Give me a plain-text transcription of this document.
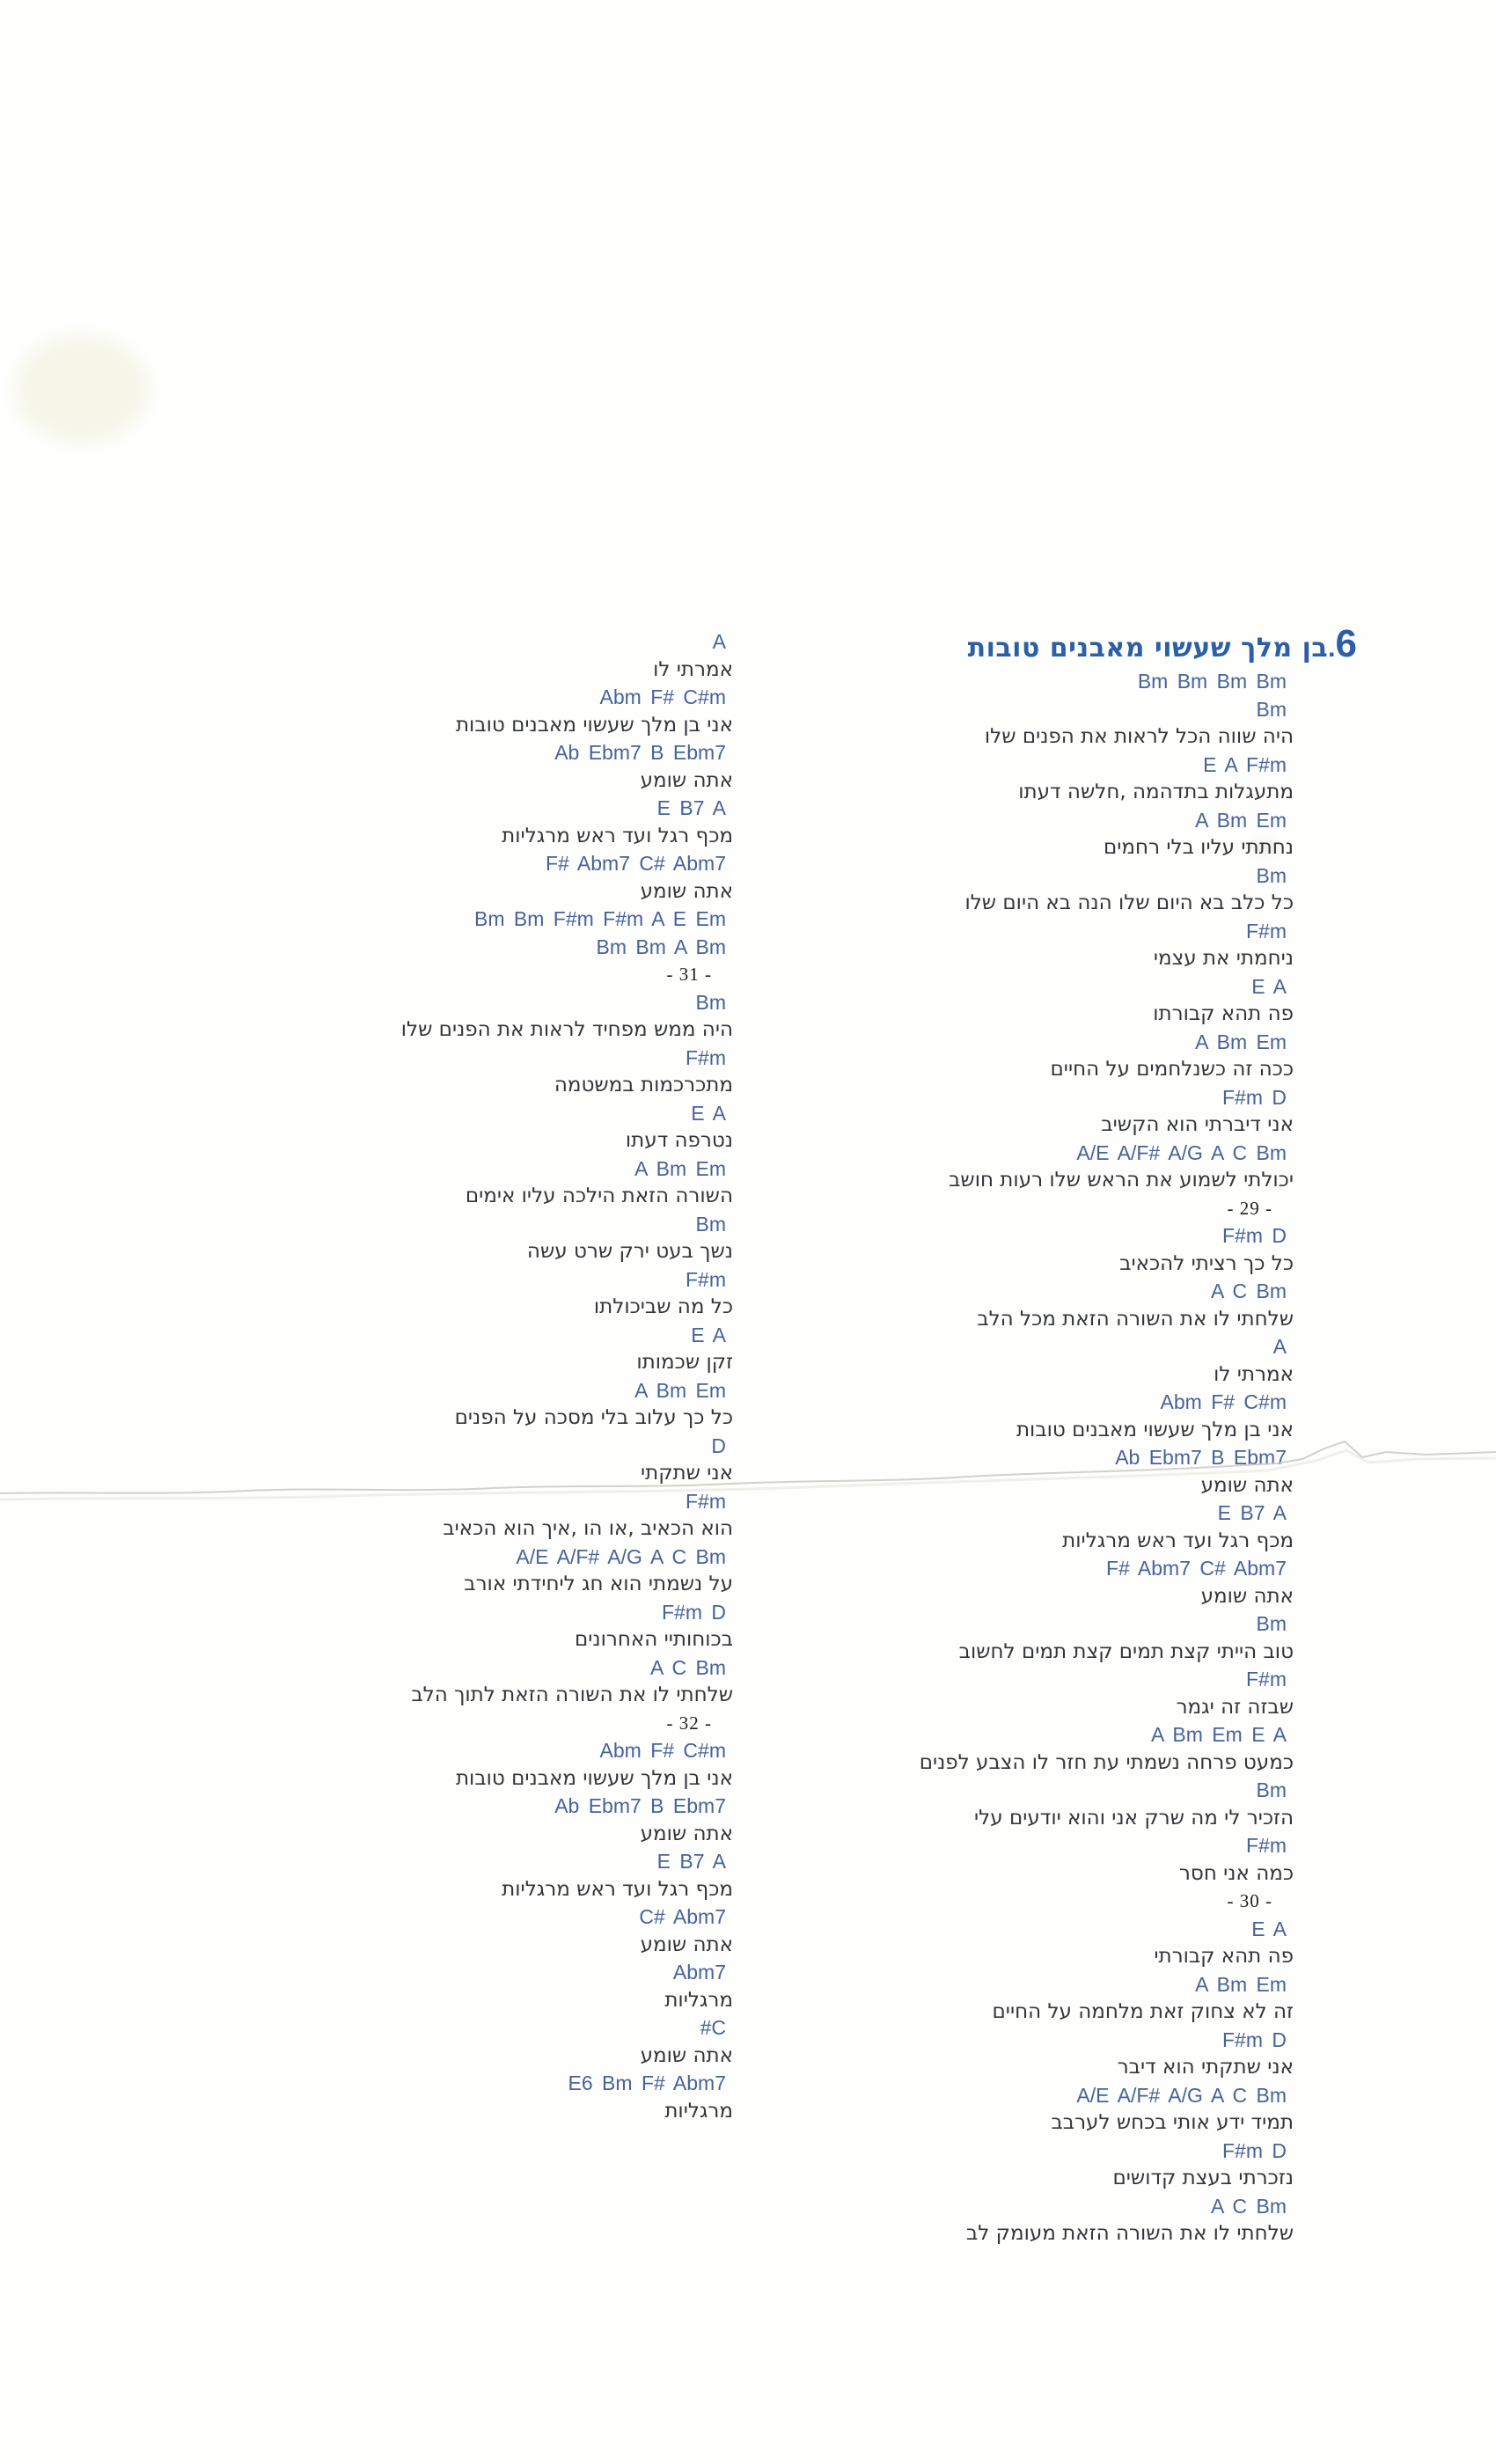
6.בן מלך שעשוי מאבנים טובות
Bm Bm Bm Bm
Bm
היה שווה הכל לראות את הפנים שלו
E A F#m
מתעגלות בתדהמה ,חלשה דעתו
A Bm Em
נחתתי עליו בלי רחמים
Bm
כל כלב בא היום שלו הנה בא היום שלו
F#m
ניחמתי את עצמי
E A
פה תהא קבורתו
A Bm Em
ככה זה כשנלחמים על החיים
F#m D
אני דיברתי הוא הקשיב
A/E A/F# A/G A C Bm
יכולתי לשמוע את הראש שלו רעות חושב
- 29 -
F#m D
כל כך רציתי להכאיב
A C Bm
שלחתי לו את השורה הזאת מכל הלב
A
אמרתי לו
Abm F# C#m
אני בן מלך שעשוי מאבנים טובות
Ab Ebm7 B Ebm7
אתה שומע
E B7 A
מכף רגל ועד ראש מרגליות
F# Abm7 C# Abm7
אתה שומע
Bm
טוב הייתי קצת תמים קצת תמים לחשוב
F#m
שבזה זה יגמר
A Bm Em E A
כמעט פרחה נשמתי עת חזר לו הצבע לפנים
Bm
הזכיר לי מה שרק אני והוא יודעים עלי
F#m
כמה אני חסר
- 30 -
E A
פה תהא קבורתי
A Bm Em
זה לא צחוק זאת מלחמה על החיים
F#m D
אני שתקתי הוא דיבר
A/E A/F# A/G A C Bm
תמיד ידע אותי בכחש לערבב
F#m D
נזכרתי בעצת קדושים
A C Bm
שלחתי לו את השורה הזאת מעומק לב
A
אמרתי לו
Abm F# C#m
אני בן מלך שעשוי מאבנים טובות
Ab Ebm7 B Ebm7
אתה שומע
E B7 A
מכף רגל ועד ראש מרגליות
F# Abm7 C# Abm7
אתה שומע
Bm Bm F#m F#m A E Em
Bm Bm A Bm
- 31 -
Bm
היה ממש מפחיד לראות את הפנים שלו
F#m
מתכרכמות במשטמה
E A
נטרפה דעתו
A Bm Em
השורה הזאת הילכה עליו אימים
Bm
נשך בעט ירק שרט עשה
F#m
כל מה שביכולתו
E A
זקן שכמותו
A Bm Em
כל כך עלוב בלי מסכה על הפנים
D
אני שתקתי
F#m
הוא הכאיב ,או הו ,איך הוא הכאיב
A/E A/F# A/G A C Bm
על נשמתי הוא חג ליחידתי אורב
F#m D
בכוחותיי האחרונים
A C Bm
שלחתי לו את השורה הזאת לתוך הלב
- 32 -
Abm F# C#m
אני בן מלך שעשוי מאבנים טובות
Ab Ebm7 B Ebm7
אתה שומע
E B7 A
מכף רגל ועד ראש מרגליות
C# Abm7
אתה שומע
Abm7
מרגליות
C#
אתה שומע
E6 Bm F# Abm7
מרגליות
